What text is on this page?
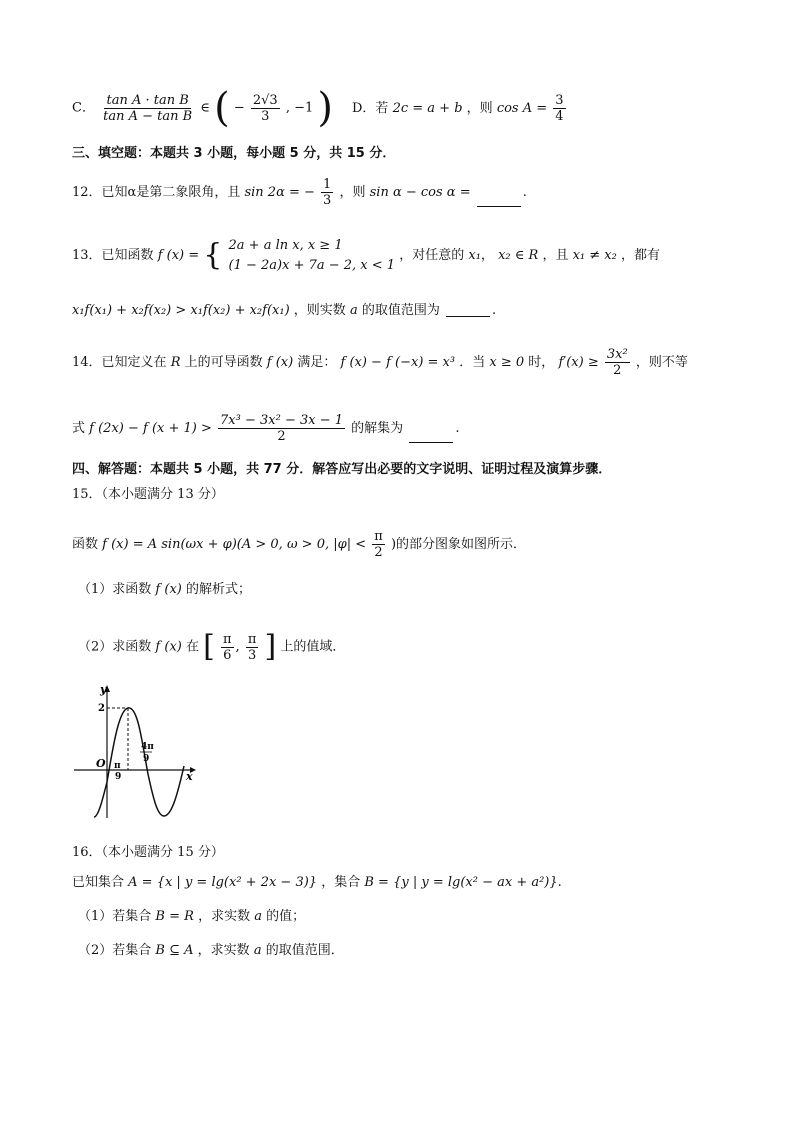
C． $\frac{\text{tan A · tan B}}{\text{tan A − tan B}}$ ∈ ( − $\frac{2√3}{3}$ , −1 ) D．若 2c = a + b ，则 $\cos A = \frac{3}{4}$
三、填空题：本题共 3 小题，每小题 5 分，共 15 分．
12．已知α是第二象限角，且 sin 2α = − $\frac{1}{3}$ ，则 sin α − cos α =	.
13．已知函数 f (x) = { 2a + a ln x, x ≥ 1
(1 − 2a)x + 7a − 2, x < 1
，对任意的 x₁， x₂ ∈ R ，且 x₁ ≠ x₂ ，都有
x₁f(x₁) + x₂f(x₂) > x₁f(x₂) + x₂f(x₁) ，则实数 a 的取值范围为	.
14．已知定义在 R 上的可导函数 f (x) 满足： f (x) − f (−x) = x³ ．当 x ≥ 0 时， $f'(x) \ge \frac{\text{3x²}}{2}$ ，则不等
式 f (2x) − f $(x + 1) > \frac{\text{7x³ − 3x² − 3x − 1}}{2}$ 的解集为	.
四、解答题：本题共 5 小题，共 77 分．解答应写出必要的文字说明、证明过程及演算步骤．
15．（本小题满分 13 分）
函数 f (x) = A sin(ωx + φ)(A > 0, ω > 0, $|\varphi| < \frac{\pi}{2}$ )的部分图象如图所示．
（1）求函数 f (x) 的解析式；
（2）求函数 f (x) 在 [ $\frac{\pi}{6}$ , $\frac{\pi}{3}$ ] 上的值域．
y
x
O
2
π
9
4π
9
16．（本小题满分 15 分）
已知集合 A = {x | y = lg(x² + 2x − 3)} ，集合 B = {y | y = lg(x² − ax + a²)}.
（1）若集合 B = R ，求实数 a 的值；
（2）若集合 B ⊆ A ，求实数 a 的取值范围．
